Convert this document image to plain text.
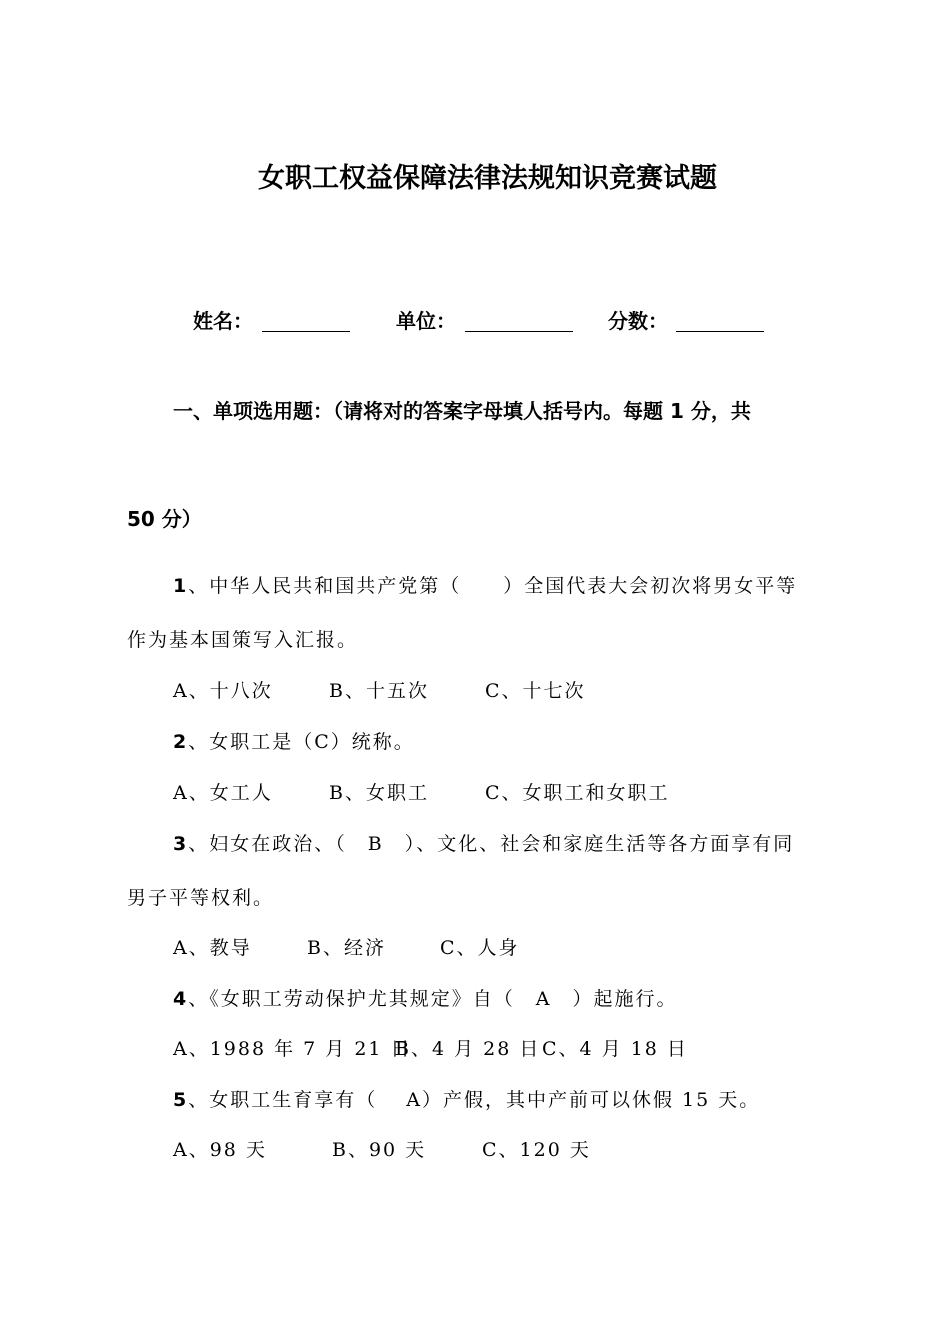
女职工权益保障法律法规知识竞赛试题
姓名：	单位：	分数：
一、单项选用题：（请将对的答案字母填人括号内。每题 1 分，共
50 分）
1、中华人民共和国共产党第（　　）全国代表大会初次将男女平等
作为基本国策写入汇报。
A、十八次	B、十五次	C、十七次
2、女职工是（C）统称。
A、女工人	B、女职工	C、女职工和女职工
3、妇女在政治、（　B　）、文化、社会和家庭生活等各方面享有同
男子平等权利。
A、教导	B、经济	C、人身
4、《女职工劳动保护尤其规定》自（　A　）起施行。
A、1988 年 7 月 21 日
B、4 月 28 日 C、4 月 18 日
5、女职工生育享有（　 A）产假，其中产前可以休假 15 天。
A、98 天	B、90 天	C、120 天
